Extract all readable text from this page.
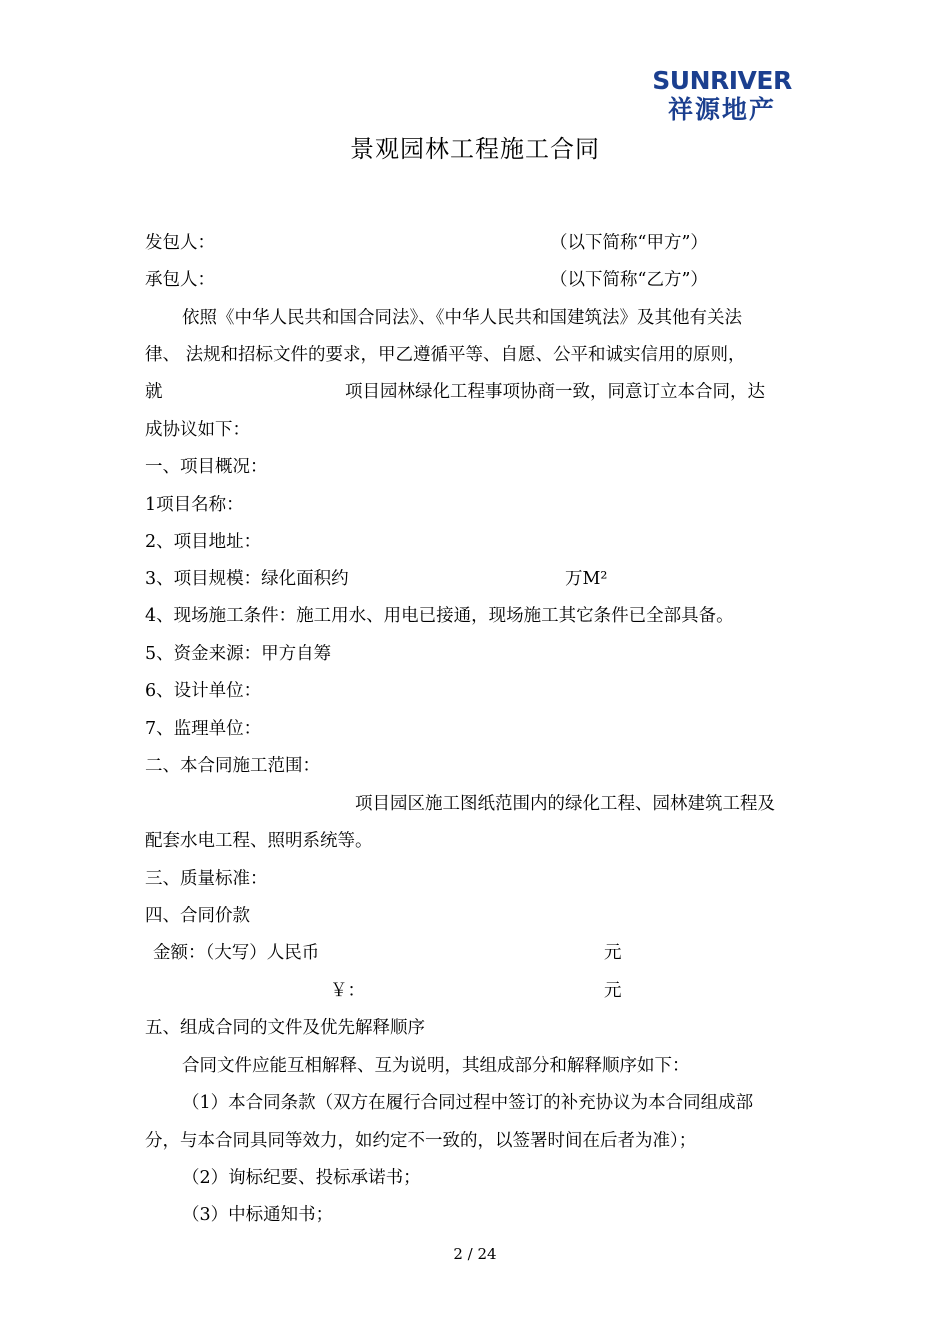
SUNRIVER
祥源地产
景观园林工程施工合同
发包人：	（以下简称“甲方”）
承包人：	（以下简称“乙方”）
依照《中华人民共和国合同法》、《中华人民共和国建筑法》及其他有关法
律、 法规和招标文件的要求，甲乙遵循平等、自愿、公平和诚实信用的原则，
就	项目园林绿化工程事项协商一致，同意订立本合同，达
成协议如下：
一、项目概况：
1项目名称：
2、项目地址：
3、项目规模：绿化面积约	万M²
4、现场施工条件：施工用水、用电已接通，现场施工其它条件已全部具备。
5、资金来源：甲方自筹
6、设计单位：
7、监理单位：
二、本合同施工范围：
项目园区施工图纸范围内的绿化工程、园林建筑工程及
配套水电工程、照明系统等。
三、质量标准：
四、合同价款
金额：（大写）人民币	元
￥：	元
五、组成合同的文件及优先解释顺序
合同文件应能互相解释、互为说明，其组成部分和解释顺序如下：
（1）本合同条款（双方在履行合同过程中签订的补充协议为本合同组成部
分，与本合同具同等效力，如约定不一致的，以签署时间在后者为准）；
（2）询标纪要、投标承诺书；
（3）中标通知书；
2 / 24
